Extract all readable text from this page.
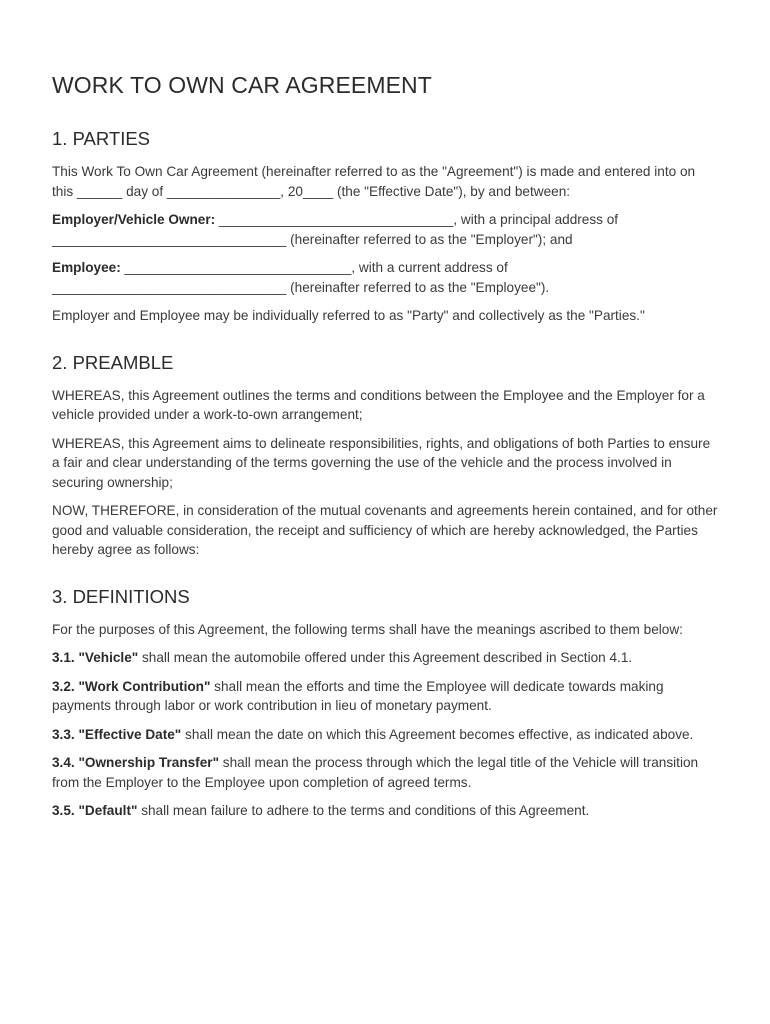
WORK TO OWN CAR AGREEMENT
1. PARTIES

This Work To Own Car Agreement (hereinafter referred to as the "Agreement") is made and entered into on this ______ day of _______________, 20____ (the "Effective Date"), by and between:

Employer/Vehicle Owner: _______________________________, with a principal address of _______________________________ (hereinafter referred to as the "Employer"); and

Employee: ______________________________, with a current address of _______________________________ (hereinafter referred to as the "Employee").

Employer and Employee may be individually referred to as "Party" and collectively as the "Parties."

2. PREAMBLE

WHEREAS, this Agreement outlines the terms and conditions between the Employee and the Employer for a vehicle provided under a work-to-own arrangement;

WHEREAS, this Agreement aims to delineate responsibilities, rights, and obligations of both Parties to ensure a fair and clear understanding of the terms governing the use of the vehicle and the process involved in securing ownership;

NOW, THEREFORE, in consideration of the mutual covenants and agreements herein contained, and for other good and valuable consideration, the receipt and sufficiency of which are hereby acknowledged, the Parties hereby agree as follows:

3. DEFINITIONS

For the purposes of this Agreement, the following terms shall have the meanings ascribed to them below:

3.1. "Vehicle" shall mean the automobile offered under this Agreement described in Section 4.1.

3.2. "Work Contribution" shall mean the efforts and time the Employee will dedicate towards making payments through labor or work contribution in lieu of monetary payment.

3.3. "Effective Date" shall mean the date on which this Agreement becomes effective, as indicated above.

3.4. "Ownership Transfer" shall mean the process through which the legal title of the Vehicle will transition from the Employer to the Employee upon completion of agreed terms.

3.5. "Default" shall mean failure to adhere to the terms and conditions of this Agreement.
